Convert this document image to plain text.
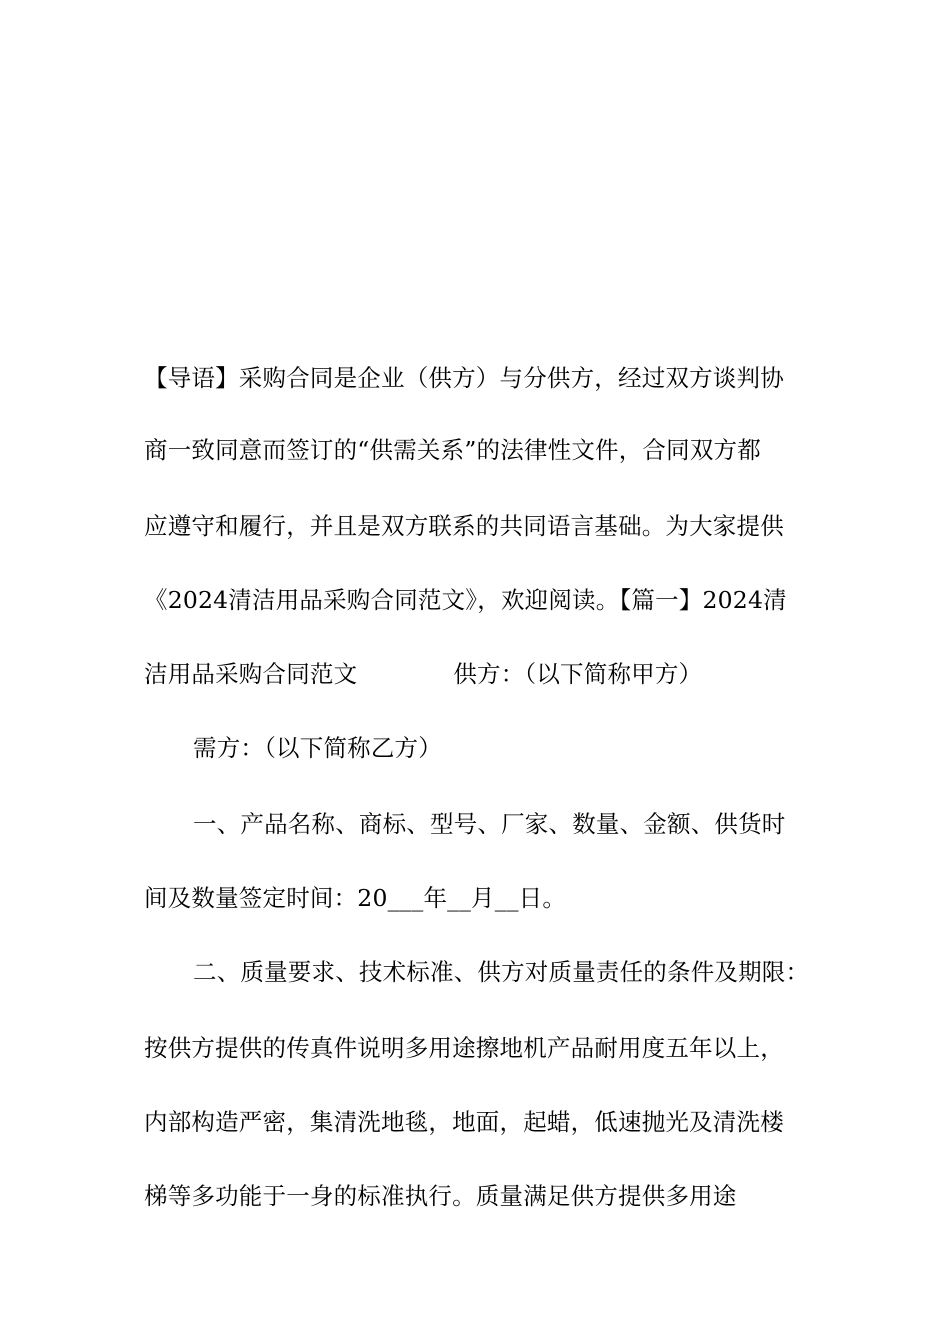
【导语】采购合同是企业（供方）与分供方，经过双方谈判协
商一致同意而签订的“供需关系”的法律性文件，合同双方都
应遵守和履行，并且是双方联系的共同语言基础。为大家提供
《2024清洁用品采购合同范文》，欢迎阅读。【篇一】2024清
洁用品采购合同范文	供方：（以下简称甲方）
需方：（以下简称乙方）
一、产品名称、商标、型号、厂家、数量、金额、供货时
间及数量签定时间：20___年__月__日。
二、质量要求、技术标准、供方对质量责任的条件及期限：
按供方提供的传真件说明多用途擦地机产品耐用度五年以上，
内部构造严密，集清洗地毯，地面，起蜡，低速抛光及清洗楼
梯等多功能于一身的标准执行。质量满足供方提供多用途
